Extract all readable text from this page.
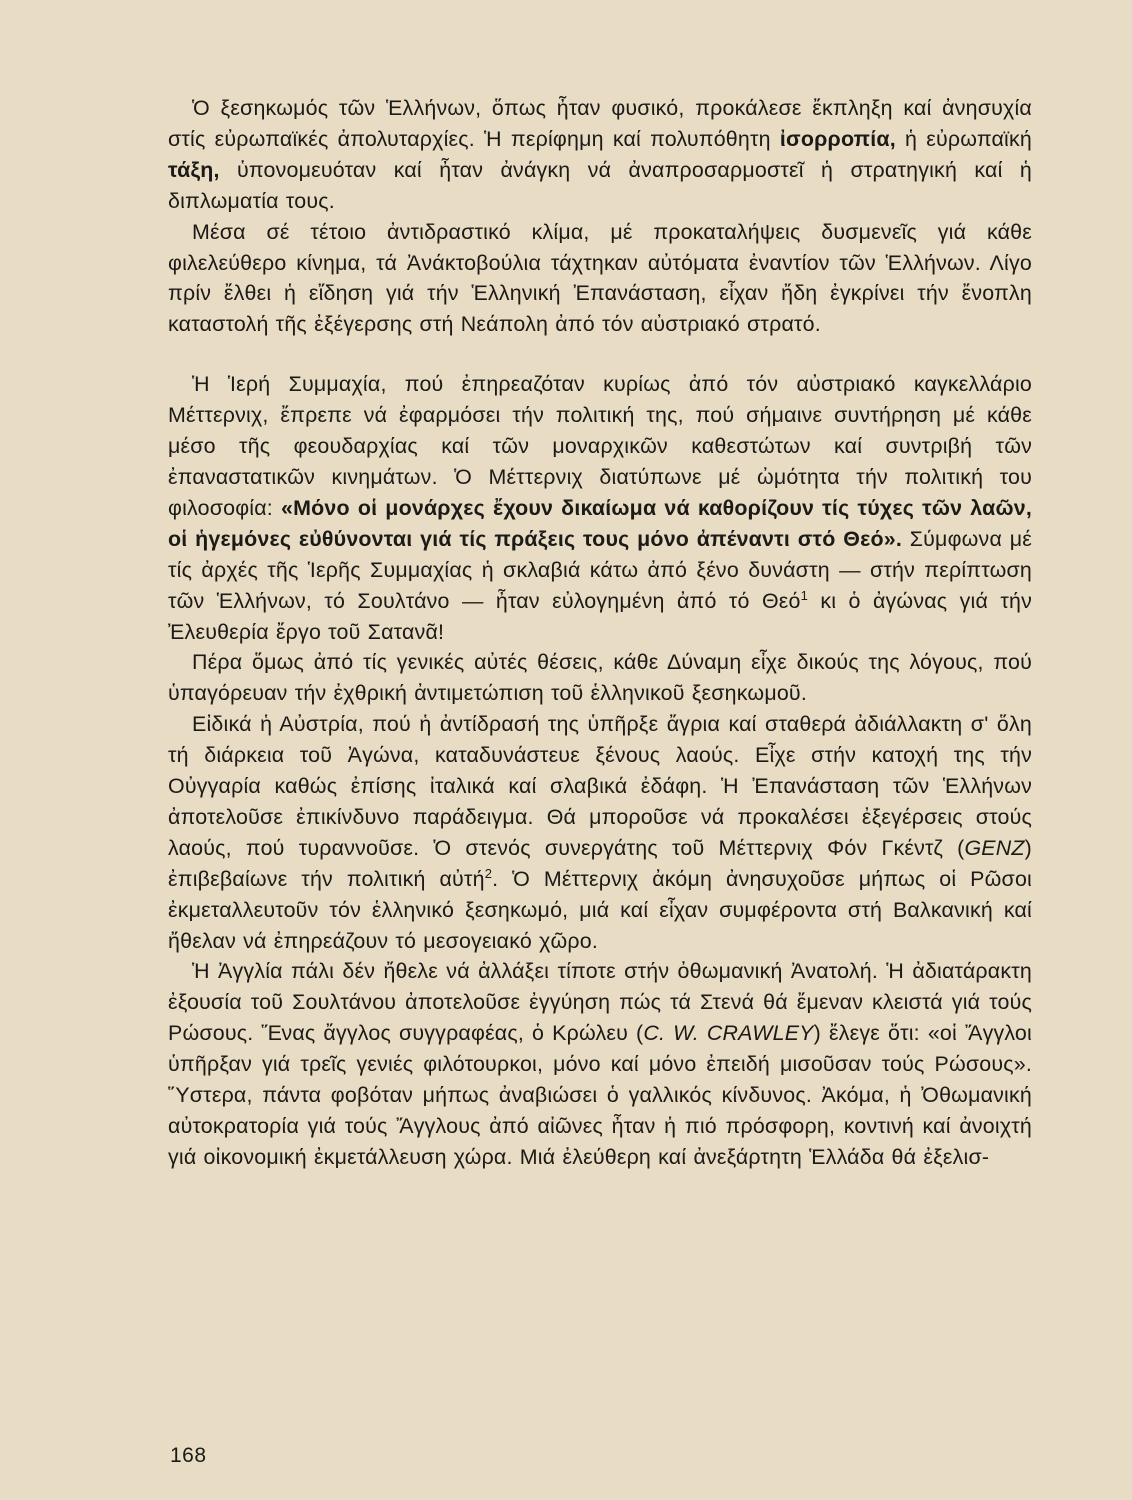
Ὁ ξεσηκωμός τῶν Ἑλλήνων, ὅπως ἦταν φυσικό, προκάλεσε ἔκπληξη καί ἀνησυχία στίς εὐρωπαϊκές ἀπολυταρχίες. Ἡ περίφημη καί πολυπόθητη ἰσορροπία, ἡ εὐρωπαϊκή τάξη, ὑπονομευόταν καί ἦταν ἀνάγκη νά ἀναπροσαρμοστεῖ ἡ στρατηγική καί ἡ διπλωματία τους.

Μέσα σέ τέτοιο ἀντιδραστικό κλίμα, μέ προκαταλήψεις δυσμενεῖς γιά κάθε φιλελεύθερο κίνημα, τά Ἀνάκτοβούλια τάχτηκαν αὐτόματα ἐναντίον τῶν Ἑλλήνων. Λίγο πρίν ἔλθει ἡ εἴδηση γιά τήν Ἑλληνική Ἐπανάσταση, εἶχαν ἤδη ἐγκρίνει τήν ἔνοπλη καταστολή τῆς ἐξέγερσης στή Νεάπολη ἀπό τόν αὐστριακό στρατό.

Ἡ Ἱερή Συμμαχία, πού ἐπηρεαζόταν κυρίως ἀπό τόν αὐστριακό καγκελλάριο Μέττερνιχ, ἔπρεπε νά ἐφαρμόσει τήν πολιτική της, πού σήμαινε συντήρηση μέ κάθε μέσο τῆς φεουδαρχίας καί τῶν μοναρχικῶν καθεστώτων καί συντριβή τῶν ἐπαναστατικῶν κινημάτων. Ὁ Μέττερνιχ διατύπωνε μέ ὠμότητα τήν πολιτική του φιλοσοφία: «Μόνο οἱ μονάρχες ἔχουν δικαίωμα νά καθορίζουν τίς τύχες τῶν λαῶν, οἱ ἡγεμόνες εὐθύνονται γιά τίς πράξεις τους μόνο ἀπέναντι στό Θεό». Σύμφωνα μέ τίς ἀρχές τῆς Ἱερῆς Συμμαχίας ἡ σκλαβιά κάτω ἀπό ξένο δυνάστη — στήν περίπτωση τῶν Ἑλλήνων, τό Σουλτάνο — ἦταν εὐλογημένη ἀπό τό Θεό$^1$ κι ὁ ἀγώνας γιά τήν Ἐλευθερία ἔργο τοῦ Σατανᾶ!

Πέρα ὅμως ἀπό τίς γενικές αὐτές θέσεις, κάθε Δύναμη εἶχε δικούς της λόγους, πού ὑπαγόρευαν τήν ἐχθρική ἀντιμετώπιση τοῦ ἑλληνικοῦ ξεσηκωμοῦ.

Εἰδικά ἡ Αὐστρία, πού ἡ ἀντίδρασή της ὑπῆρξε ἄγρια καί σταθερά ἀδιάλλακτη σ' ὅλη τή διάρκεια τοῦ Ἀγώνα, καταδυνάστευε ξένους λαούς. Εἶχε στήν κατοχή της τήν Οὐγγαρία καθώς ἐπίσης ἰταλικά καί σλαβικά ἐδάφη. Ἡ Ἐπανάσταση τῶν Ἑλλήνων ἀποτελοῦσε ἐπικίνδυνο παράδειγμα. Θά μποροῦσε νά προκαλέσει ἐξεγέρσεις στούς λαούς, πού τυραννοῦσε. Ὁ στενός συνεργάτης τοῦ Μέττερνιχ Φόν Γκέντζ (GENZ) ἐπιβεβαίωνε τήν πολιτική αὐτή$^2$. Ὁ Μέττερνιχ ἀκόμη ἀνησυχοῦσε μήπως οἱ Ρῶσοι ἐκμεταλλευτοῦν τόν ἑλληνικό ξεσηκωμό, μιά καί εἶχαν συμφέροντα στή Βαλκανική καί ἤθελαν νά ἐπηρεάζουν τό μεσογειακό χῶρο.

Ἡ Ἀγγλία πάλι δέν ἤθελε νά ἀλλάξει τίποτε στήν ὀθωμανική Ἀνατολή. Ἡ ἀδιατάρακτη ἐξουσία τοῦ Σουλτάνου ἀποτελοῦσε ἐγγύηση πώς τά Στενά θά ἔμεναν κλειστά γιά τούς Ρώσους. Ἕνας ἄγγλος συγγραφέας, ὁ Κρώλευ (C. W. CRAWLEY) ἔλεγε ὅτι: «οἱ Ἄγγλοι ὑπῆρξαν γιά τρεῖς γενιές φιλότουρκοι, μόνο καί μόνο ἐπειδή μισοῦσαν τούς Ρώσους». Ὕστερα, πάντα φοβόταν μήπως ἀναβιώσει ὁ γαλλικός κίνδυνος. Ἀκόμα, ἡ Ὀθωμανική αὐτοκρατορία γιά τούς Ἄγγλους ἀπό αἰῶνες ἦταν ἡ πιό πρόσφορη, κοντινή καί ἀνοιχτή γιά οἰκονομική ἐκμετάλλευση χώρα. Μιά ἐλεύθερη καί ἀνεξάρτητη Ἑλλάδα θά ἐξελισ-

168
